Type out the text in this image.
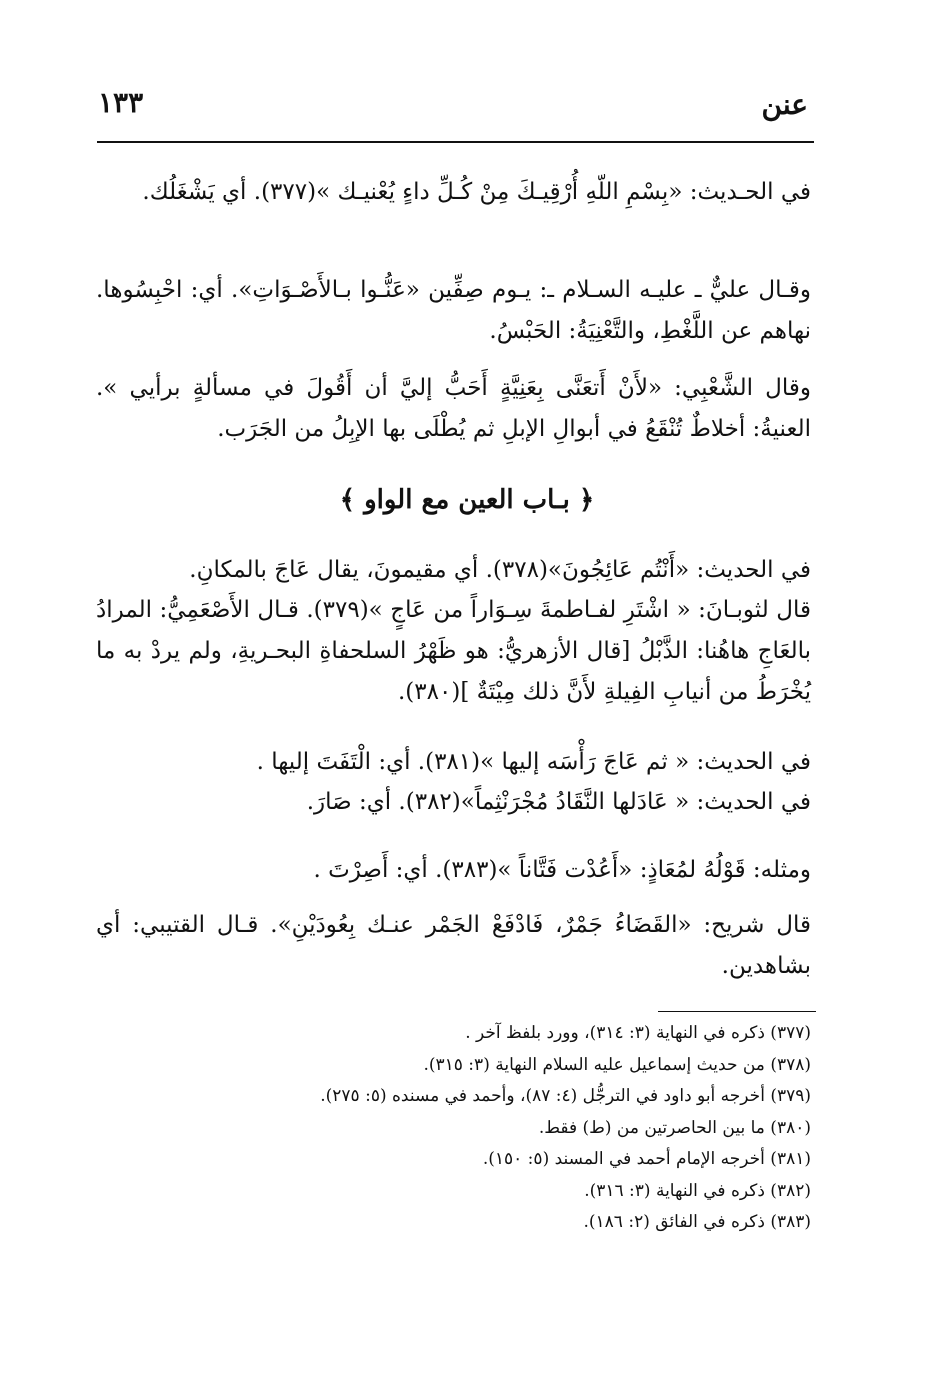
عنن
١٣٣

في الحـديث: «بِسْمِ اللّهِ أُرْقِيـكَ مِنْ كُـلِّ داءٍ يُعْنيـك »(٣٧٧). أي يَشْغَلُك.

وقـال عليٌّ ـ عليـه السـلام ـ: يـوم صِفِّين «عَنُّـوا بـالأَصْـوَاتِ». أي: احْبِسُوها. نهاهم عن اللَّغْطِ، والتَّعْنِيَةُ: الحَبْسُ.

وقال الشَّعْبِي: «لأَنْ أَتعَنَّى بِعَنِيَّةٍ أَحَبُّ إليَّ أن أَقُولَ في مسألةٍ برأيي ». العنيةُ: أخلاطٌ تُنْقَعُ في أبوالِ الإبلِ ثم يُطْلَى بها الإبِلُ من الجَرَب.

﴿ بـاب العين مع الواو ﴾

في الحديث: «أَنْتُم عَائِجُونَ»(٣٧٨). أي مقيمونَ، يقال عَاجَ بالمكانِ.

قال لثوبـانَ: « اشْتَرِ لفـاطمةَ سِـوَاراً من عَاجٍ »(٣٧٩). قـال الأَصْعَمِيُّ: المرادُ بالعَاجِ هاهُنا: الذَّبْلُ [قال الأزهريُّ: هو ظَهْرُ السلحفاةِ البحـريةِ، ولم يردْ به ما يُخْرَطُ من أنيابِ الفِيلةِ لأَنَّ ذلك مِيْتَةٌ ](٣٨٠).

في الحديث: « ثم عَاجَ رَأْسَه إليها »(٣٨١). أي: الْتَفَتَ إليها .

في الحديث: « عَادَلها النَّقَادُ مُجْرَنْثِماً»(٣٨٢). أي: صَارَ.

ومثله: قَوْلُهُ لمُعَاذٍ: «أَعُدْت فَتَّاناً »(٣٨٣). أي: أَصِرْتَ .

قال شريح: «القَضَاءُ جَمْرٌ، فَادْفَعْ الجَمْر عنـك بِعُودَيْنِ». قـال القتيبي: أي بشاهدين.

(٣٧٧) ذكره في النهاية (٣: ٣١٤)، وورد بلفظ آخر .

(٣٧٨) من حديث إسماعيل عليه السلام النهاية (٣: ٣١٥).

(٣٧٩) أخرجه أبو داود في الترجُّل (٤: ٨٧)، وأحمد في مسنده (٥: ٢٧٥).

(٣٨٠) ما بين الحاصرتين من (ط) فقط.

(٣٨١) أخرجه الإمام أحمد في المسند (٥: ١٥٠).

(٣٨٢) ذكره في النهاية (٣: ٣١٦).

(٣٨٣) ذكره في الفائق (٢: ١٨٦).
